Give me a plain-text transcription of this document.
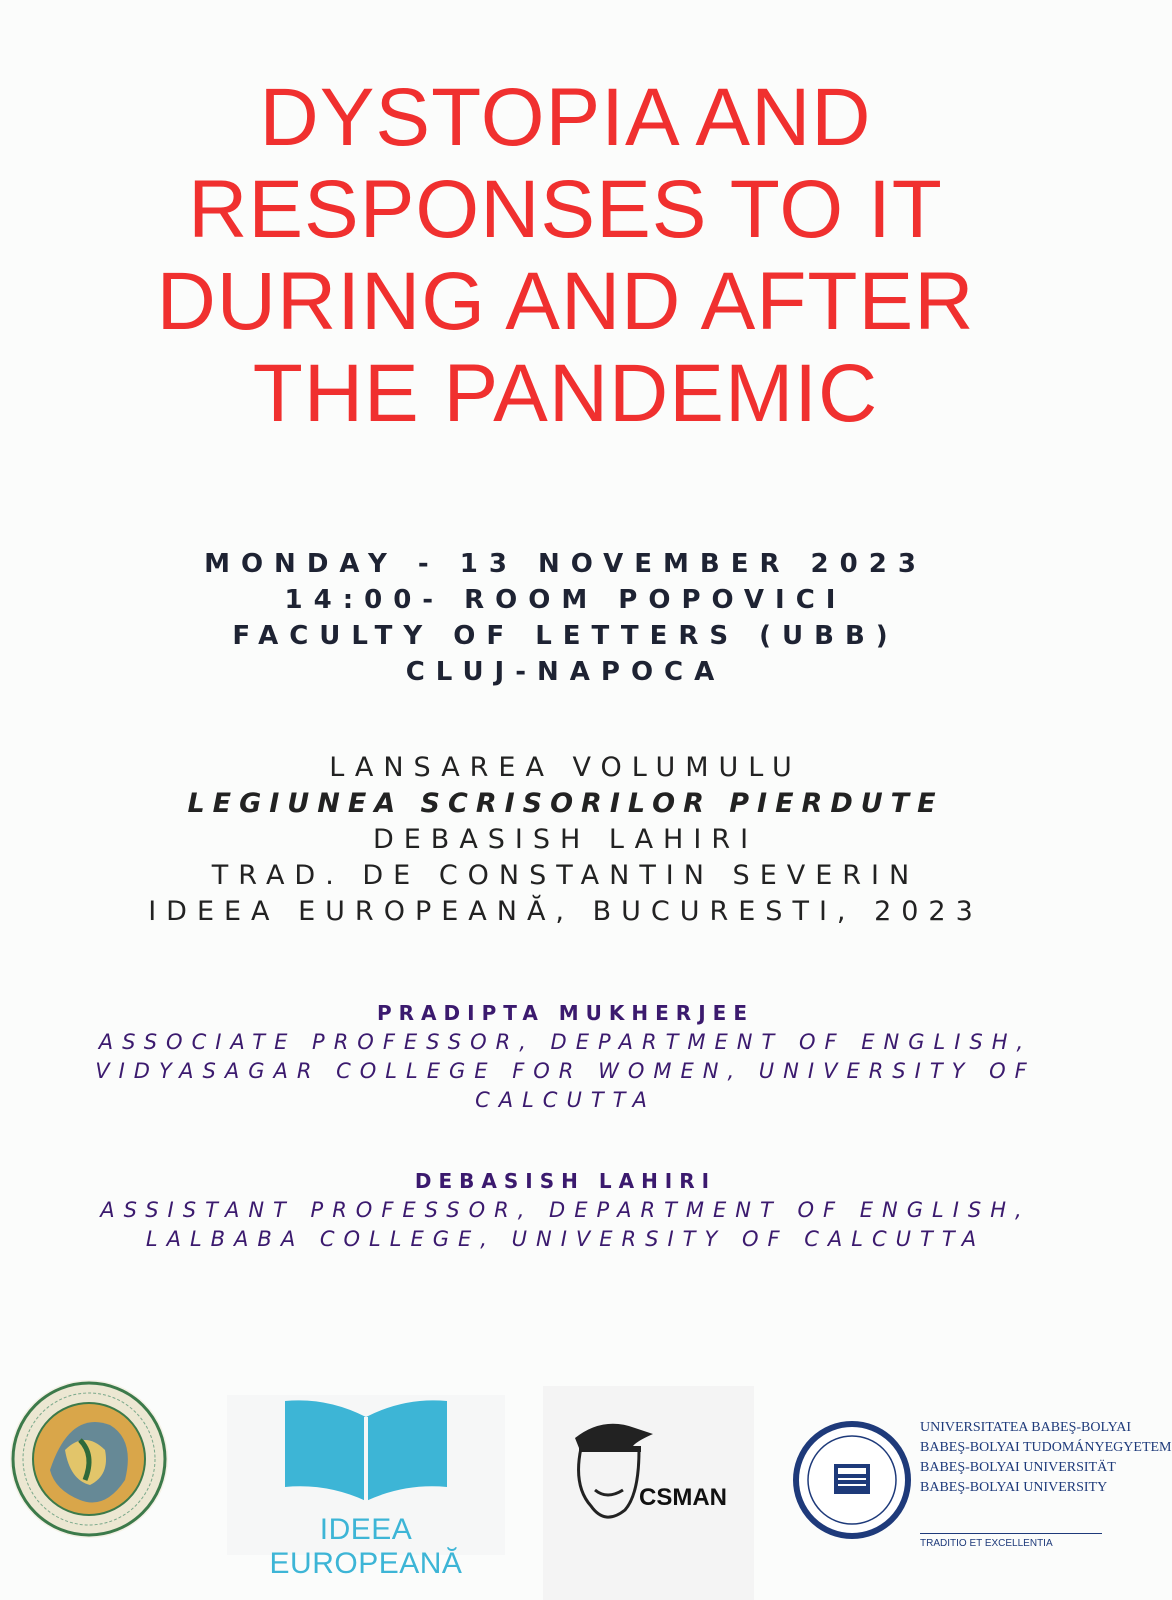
DYSTOPIA AND
RESPONSES TO IT
DURING AND AFTER
THE PANDEMIC
MONDAY - 13 NOVEMBER 2023
14:00- ROOM POPOVICI
FACULTY OF LETTERS (UBB)
CLUJ-NAPOCA
LANSAREA VOLUMULU
LEGIUNEA SCRISORILOR PIERDUTE
DEBASISH LAHIRI
TRAD. DE CONSTANTIN SEVERIN
IDEEA EUROPEANĂ, BUCURESTI, 2023
PRADIPTA MUKHERJEE
ASSOCIATE PROFESSOR, DEPARTMENT OF ENGLISH,
VIDYASAGAR COLLEGE FOR WOMEN, UNIVERSITY OF
CALCUTTA
DEBASISH LAHIRI
ASSISTANT PROFESSOR, DEPARTMENT OF ENGLISH,
LALBABA COLLEGE, UNIVERSITY OF CALCUTTA
IDEEA EUROPEANĂ
CSMAN
UNIVERSITATEA BABEŞ-BOLYAI
BABEŞ-BOLYAI TUDOMÁNYEGYETEM
BABEŞ-BOLYAI UNIVERSITÄT
BABEŞ-BOLYAI UNIVERSITY
TRADITIO ET EXCELLENTIA
